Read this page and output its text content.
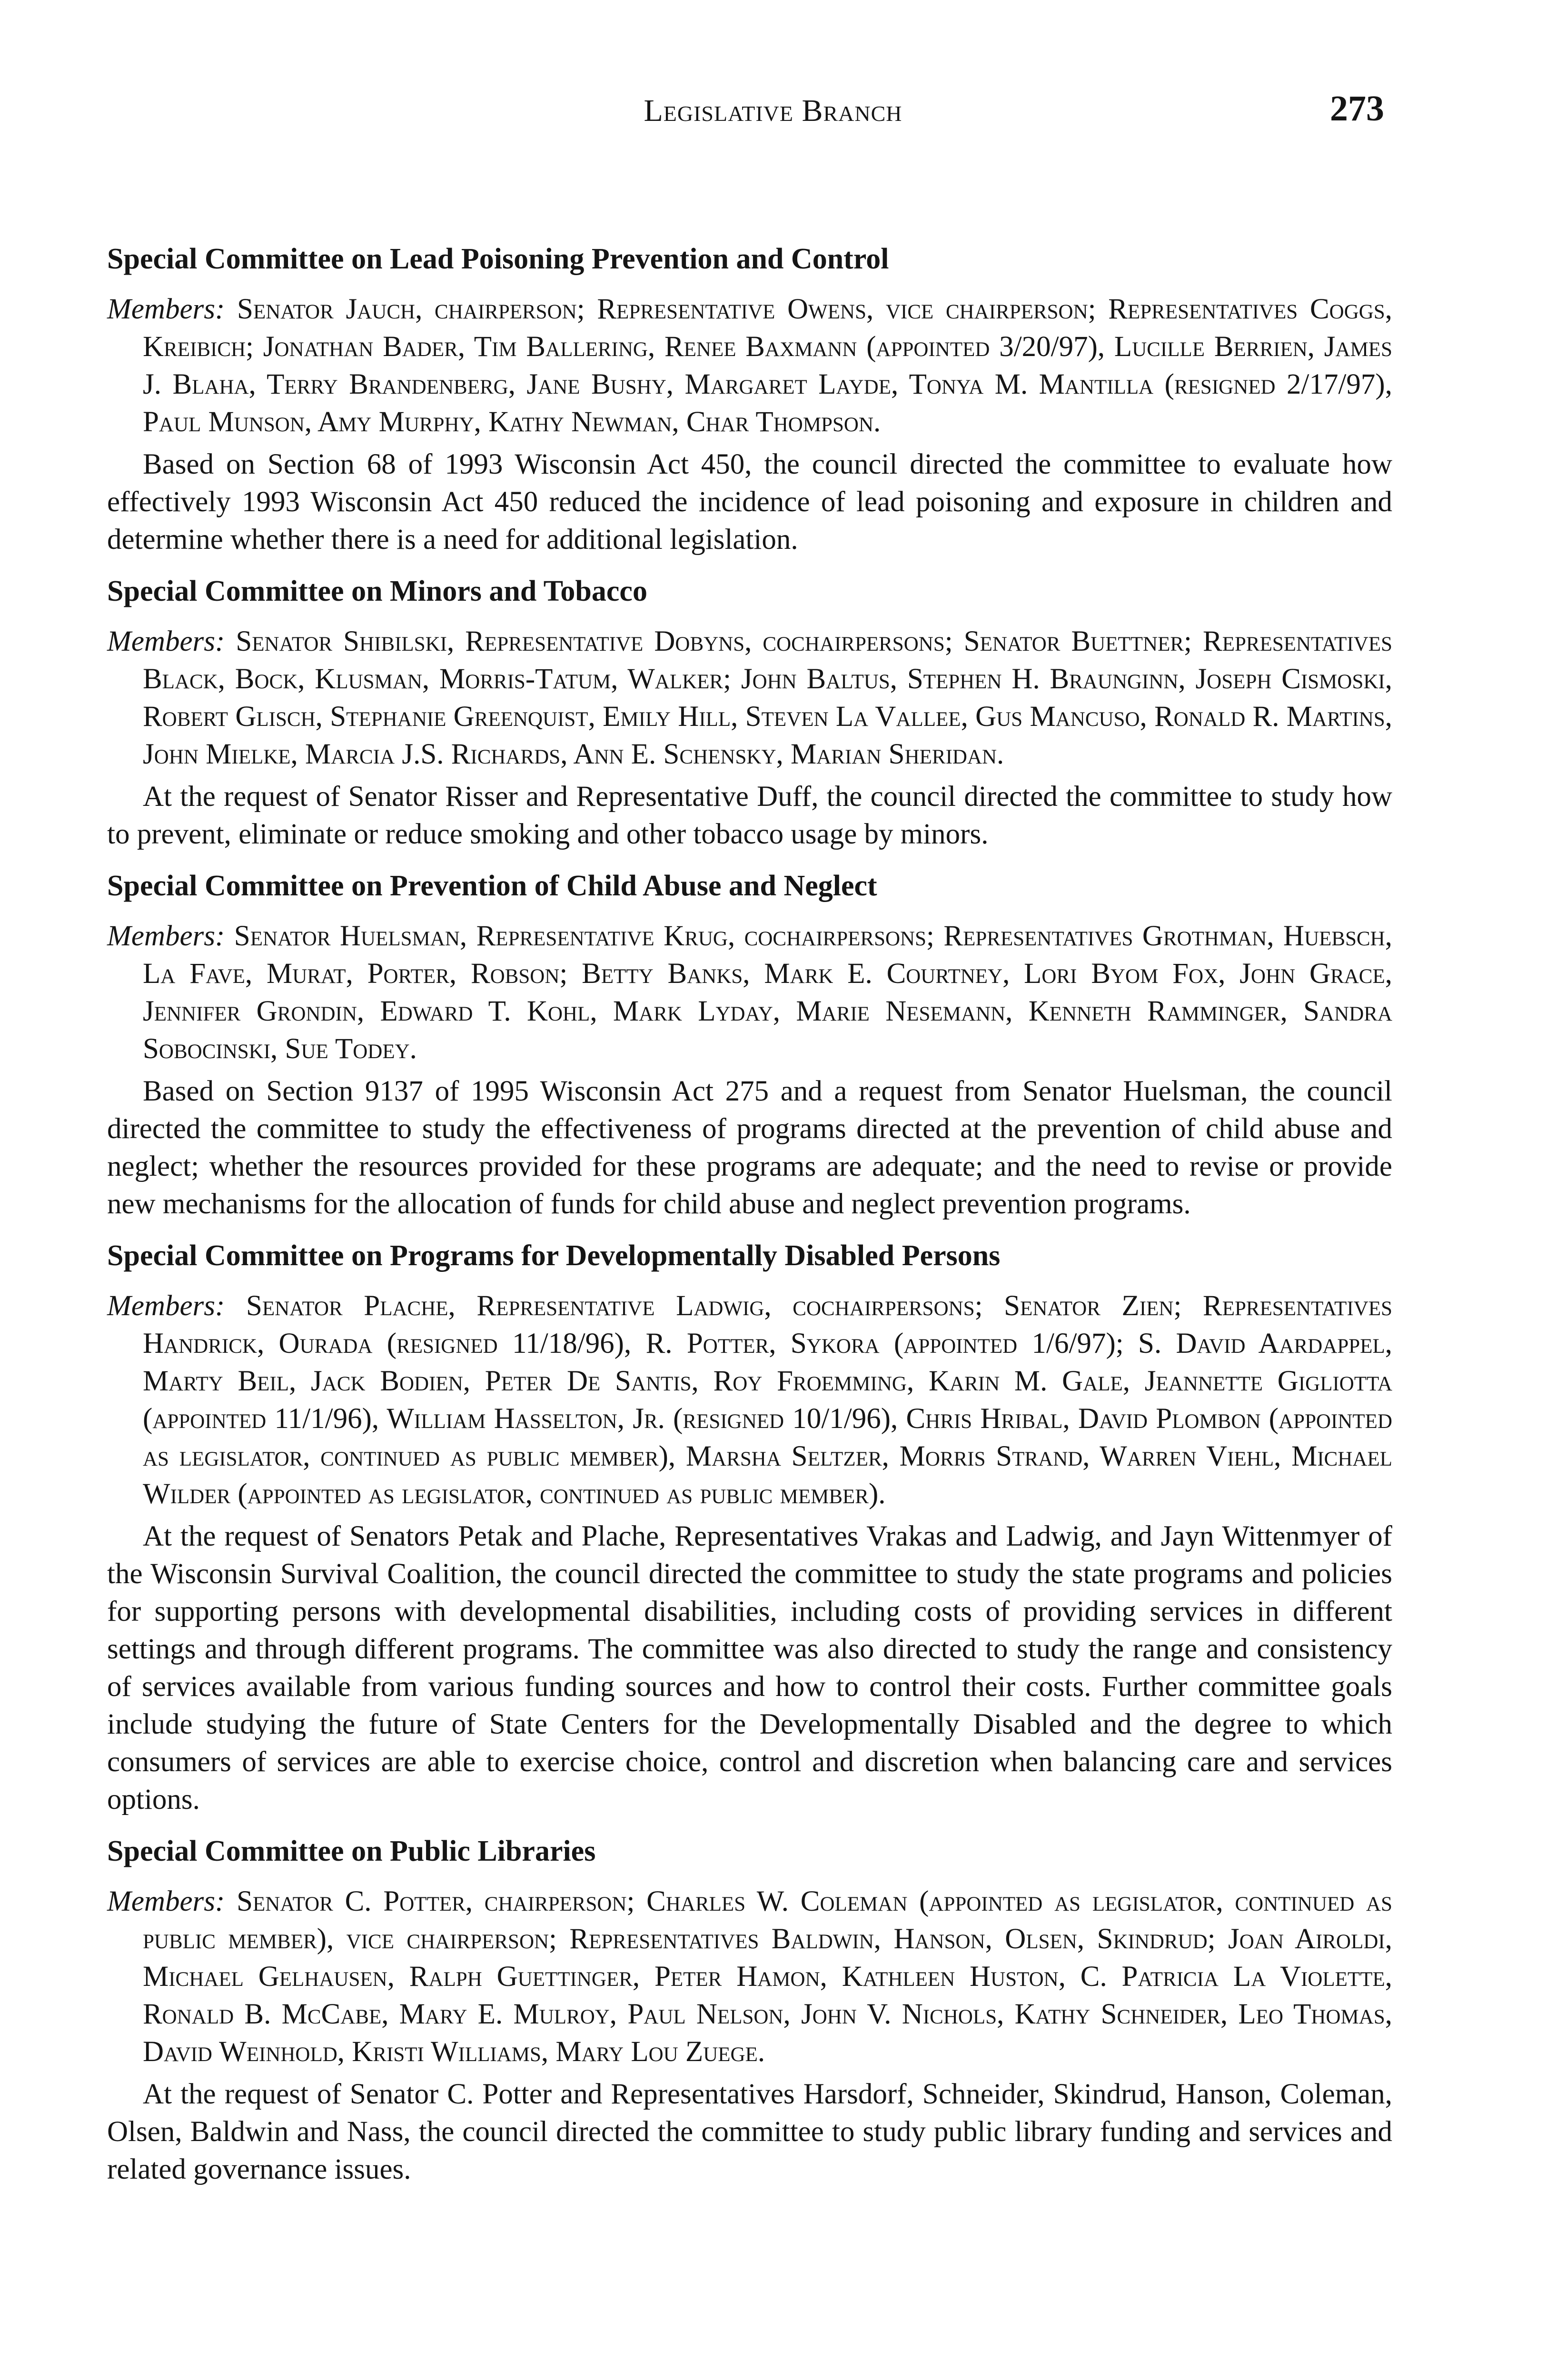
Legislative Branch	273
Special Committee on Lead Poisoning Prevention and Control

Members: Senator Jauch, chairperson; Representative Owens, vice chairperson; Representatives Coggs, Kreibich; Jonathan Bader, Tim Ballering, Renee Baxmann (appointed 3/20/97), Lucille Berrien, James J. Blaha, Terry Brandenberg, Jane Bushy, Margaret Layde, Tonya M. Mantilla (resigned 2/17/97), Paul Munson, Amy Murphy, Kathy Newman, Char Thompson.

Based on Section 68 of 1993 Wisconsin Act 450, the council directed the committee to evaluate how effectively 1993 Wisconsin Act 450 reduced the incidence of lead poisoning and exposure in children and determine whether there is a need for additional legislation.

Special Committee on Minors and Tobacco

Members: Senator Shibilski, Representative Dobyns, cochairpersons; Senator Buettner; Representatives Black, Bock, Klusman, Morris-Tatum, Walker; John Baltus, Stephen H. Braunginn, Joseph Cismoski, Robert Glisch, Stephanie Greenquist, Emily Hill, Steven La Vallee, Gus Mancuso, Ronald R. Martins, John Mielke, Marcia J.S. Richards, Ann E. Schensky, Marian Sheridan.

At the request of Senator Risser and Representative Duff, the council directed the committee to study how to prevent, eliminate or reduce smoking and other tobacco usage by minors.

Special Committee on Prevention of Child Abuse and Neglect

Members: Senator Huelsman, Representative Krug, cochairpersons; Representatives Grothman, Huebsch, La Fave, Murat, Porter, Robson; Betty Banks, Mark E. Courtney, Lori Byom Fox, John Grace, Jennifer Grondin, Edward T. Kohl, Mark Lyday, Marie Nesemann, Kenneth Ramminger, Sandra Sobocinski, Sue Todey.

Based on Section 9137 of 1995 Wisconsin Act 275 and a request from Senator Huelsman, the council directed the committee to study the effectiveness of programs directed at the prevention of child abuse and neglect; whether the resources provided for these programs are adequate; and the need to revise or provide new mechanisms for the allocation of funds for child abuse and neglect prevention programs.

Special Committee on Programs for Developmentally Disabled Persons

Members: Senator Plache, Representative Ladwig, cochairpersons; Senator Zien; Representatives Handrick, Ourada (resigned 11/18/96), R. Potter, Sykora (appointed 1/6/97); S. David Aardappel, Marty Beil, Jack Bodien, Peter De Santis, Roy Froemming, Karin M. Gale, Jeannette Gigliotta (appointed 11/1/96), William Hasselton, Jr. (resigned 10/1/96), Chris Hribal, David Plombon (appointed as legislator, continued as public member), Marsha Seltzer, Morris Strand, Warren Viehl, Michael Wilder (appointed as legislator, continued as public member).

At the request of Senators Petak and Plache, Representatives Vrakas and Ladwig, and Jayn Wittenmyer of the Wisconsin Survival Coalition, the council directed the committee to study the state programs and policies for supporting persons with developmental disabilities, including costs of providing services in different settings and through different programs. The committee was also directed to study the range and consistency of services available from various funding sources and how to control their costs. Further committee goals include studying the future of State Centers for the Developmentally Disabled and the degree to which consumers of services are able to exercise choice, control and discretion when balancing care and services options.

Special Committee on Public Libraries

Members: Senator C. Potter, chairperson; Charles W. Coleman (appointed as legislator, continued as public member), vice chairperson; Representatives Baldwin, Hanson, Olsen, Skindrud; Joan Airoldi, Michael Gelhausen, Ralph Guettinger, Peter Hamon, Kathleen Huston, C. Patricia La Violette, Ronald B. McCabe, Mary E. Mulroy, Paul Nelson, John V. Nichols, Kathy Schneider, Leo Thomas, David Weinhold, Kristi Williams, Mary Lou Zuege.

At the request of Senator C. Potter and Representatives Harsdorf, Schneider, Skindrud, Hanson, Coleman, Olsen, Baldwin and Nass, the council directed the committee to study public library funding and services and related governance issues.
